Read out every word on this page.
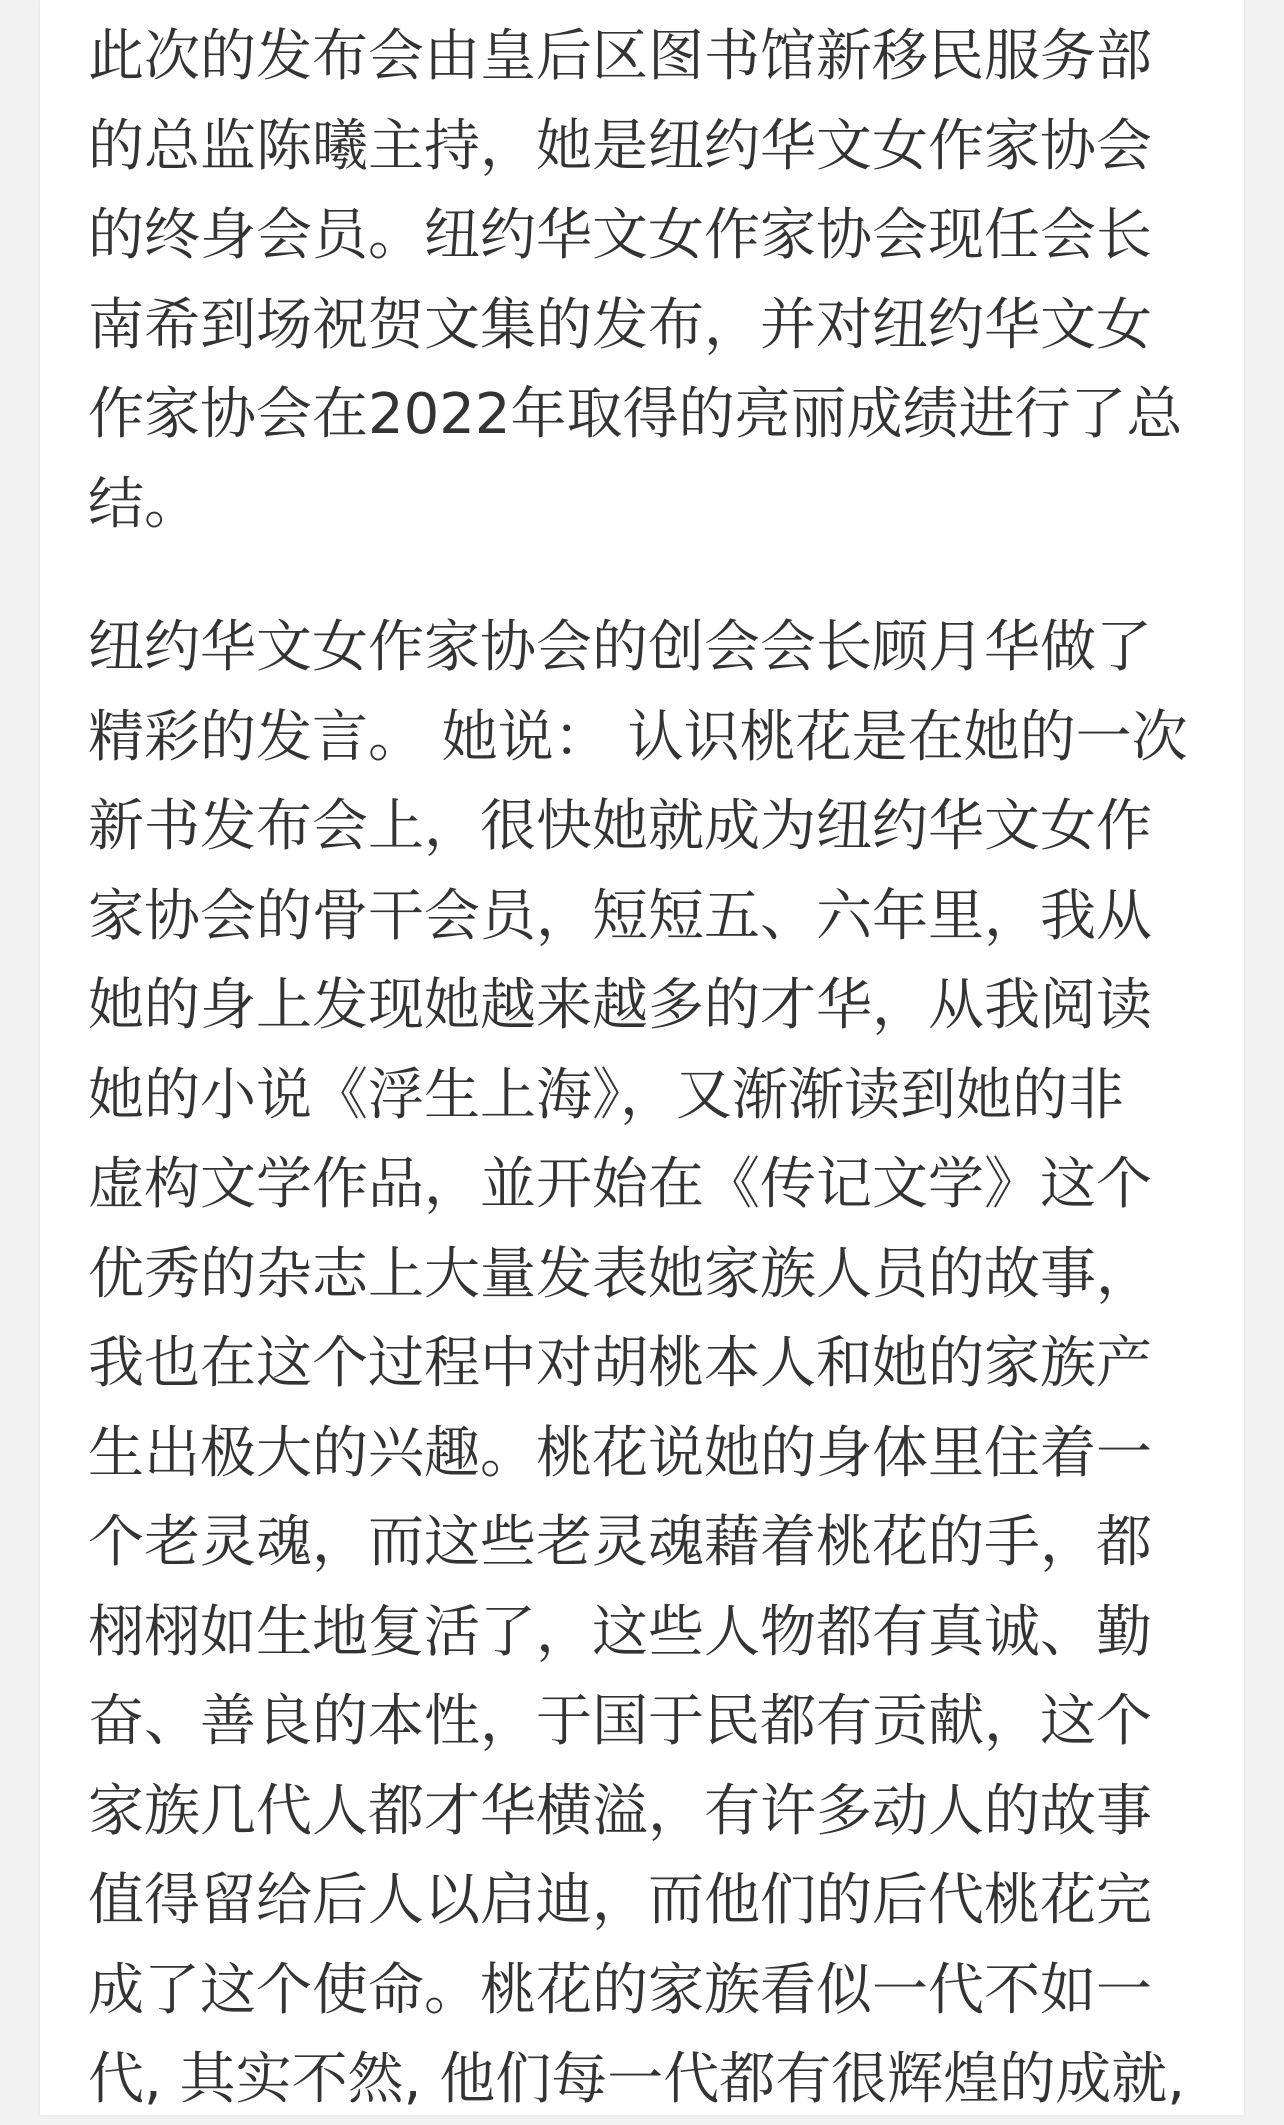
此次的发布会由皇后区图书馆新移民服务部
的总监陈曦主持，她是纽约华文女作家协会
的终身会员。纽约华文女作家协会现任会长
南希到场祝贺文集的发布，并对纽约华文女
作家协会在2022年取得的亮丽成绩进行了总
结。

纽约华文女作家协会的创会会长顾月华做了
精彩的发言。 她说： 认识桃花是在她的一次
新书发布会上，很快她就成为纽约华文女作
家协会的骨干会员，短短五、六年里，我从
她的身上发现她越来越多的才华，从我阅读
她的小说《浮生上海》，又渐渐读到她的非
虚构文学作品，並开始在《传记文学》这个
优秀的杂志上大量发表她家族人员的故事，
我也在这个过程中对胡桃本人和她的家族产
生出极大的兴趣。桃花说她的身体里住着一
个老灵魂，而这些老灵魂藉着桃花的手，都
栩栩如生地复活了，这些人物都有真诚、勤
奋、善良的本性，于国于民都有贡献，这个
家族几代人都才华横溢，有许多动人的故事
值得留给后人以启迪，而他们的后代桃花完
成了这个使命。桃花的家族看似一代不如一
代, 其实不然, 他们每一代都有很辉煌的成就,
